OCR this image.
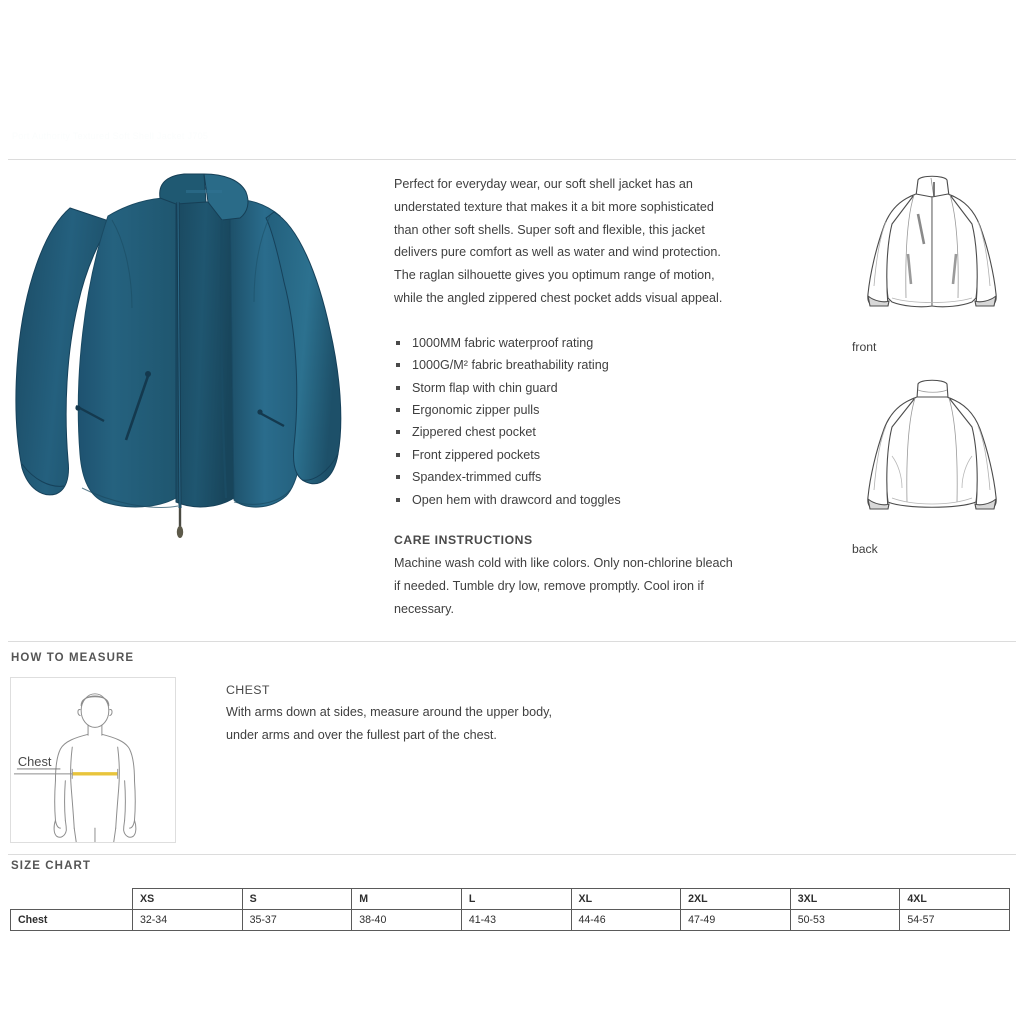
Port Authority Textured Soft Shell Jacket J705

Perfect for everyday wear, our soft shell jacket has an understated texture that makes it a bit more sophisticated than other soft shells. Super soft and flexible, this jacket delivers pure comfort as well as water and wind protection. The raglan silhouette gives you optimum range of motion, while the angled zippered chest pocket adds visual appeal.

1000MM fabric waterproof rating
1000G/M² fabric breathability rating
Storm flap with chin guard
Ergonomic zipper pulls
Zippered chest pocket
Front zippered pockets
Spandex-trimmed cuffs
Open hem with drawcord and toggles

CARE INSTRUCTIONS

Machine wash cold with like colors. Only non-chlorine bleach if needed. Tumble dry low, remove promptly. Cool iron if necessary.

front
back
HOW TO MEASURE
SIZE CHART
Chest

CHEST

With arms down at sides, measure around the upper body, under arms and over the fullest part of the chest.

	XS	S	M	L	XL	2XL	3XL	4XL
Chest	32-34	35-37	38-40	41-43	44-46	47-49	50-53	54-57
